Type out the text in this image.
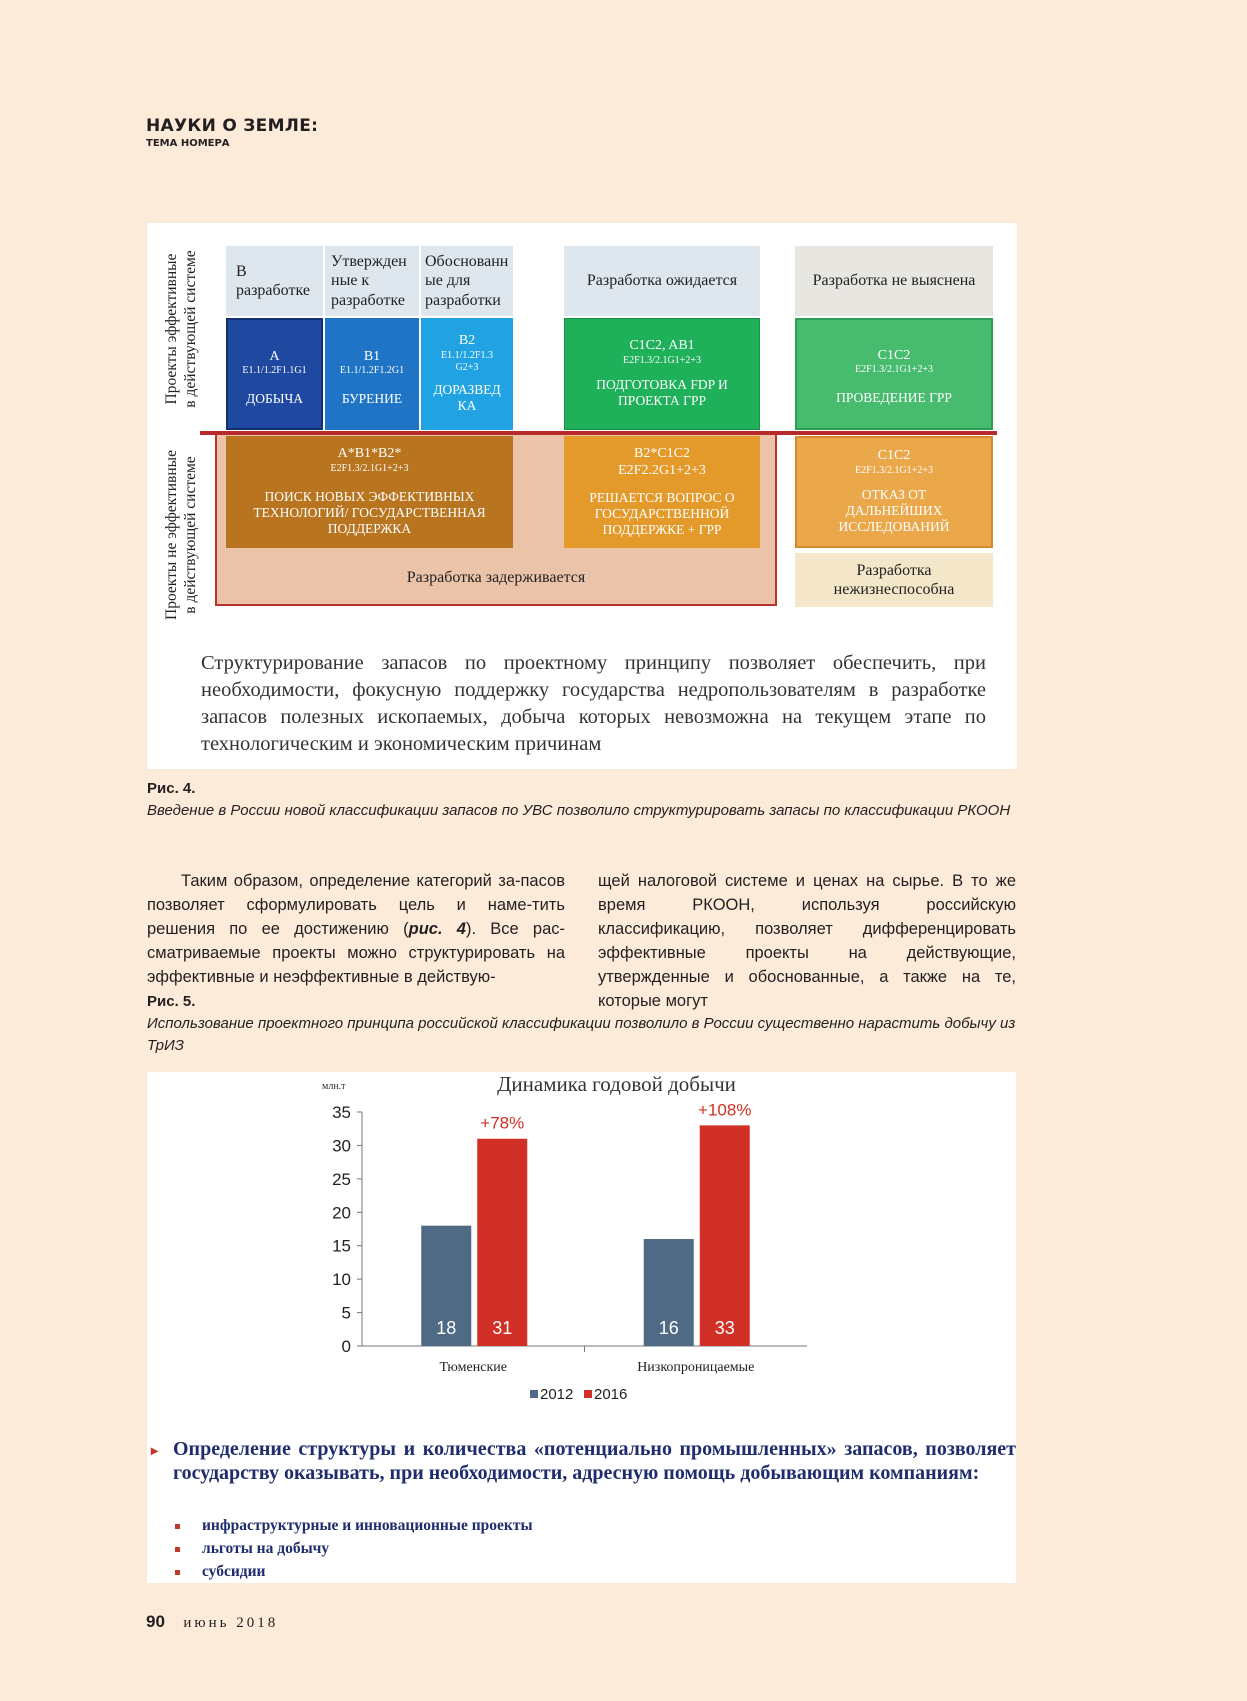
НАУКИ О ЗЕМЛЕ:
ТЕМА НОМЕРА
Проекты эффективные в действующей системе
Проекты не эффективные в действующей системе
В
разработке
Утвержден
ные к
разработке
Обоснованн
ые для
разработки
Разработка ожидается	Разработка не выяснена
А
E1.1/1.2F1.1G1
ДОБЫЧА
B1
E1.1/1.2F1.2G1
БУРЕНИЕ
B2
E1.1/1.2F1.3
G2+3
ДОРАЗВЕД
КА
C1C2, AB1
E2F1.3/2.1G1+2+3
ПОДГОТОВКА FDP И
ПРОЕКТА ГРР
C1C2
E2F1.3/2.1G1+2+3
ПРОВЕДЕНИЕ ГРР
Разработка задерживается
A*B1*B2*
E2F1.3/2.1G1+2+3
ПОИСК НОВЫХ ЭФФЕКТИВНЫХ
ТЕХНОЛОГИЙ/ ГОСУДАРСТВЕННАЯ
ПОДДЕРЖКА
B2*C1C2
E2F2.2G1+2+3
РЕШАЕТСЯ ВОПРОС О
ГОСУДАРСТВЕННОЙ
ПОДДЕРЖКЕ + ГРР
C1C2
E2F1.3/2.1G1+2+3
ОТКАЗ ОТ
ДАЛЬНЕЙШИХ
ИССЛЕДОВАНИЙ
Разработка
нежизнеспособна
Структурирование запасов по проектному принципу позволяет обеспечить, при необходимости, фокусную поддержку государства недропользователям в разработке запасов полезных ископаемых, добыча которых невозможна на текущем этапе по технологическим и экономическим причинам
Рис. 4.
Введение в России новой классификации запасов по УВС позволило структурировать запасы по классификации РКООН
Таким образом, определение категорий за-пасов позволяет сформулировать цель и наме-тить решения по ее достижению (рис. 4). Все рас-сматриваемые проекты можно структурировать на эффективные и неэффективные в действую-
щей налоговой системе и ценах на сырье. В то же время РКООН, используя российскую классификацию, позволяет дифференцировать эффективные проекты на действующие, утвержденные и обоснованные, а также на те, которые могут
Рис. 5.
Использование проектного принципа российской классификации позволило в России существенно нарастить добычу из ТрИЗ
Динамика годовой добычи
млн.т
0
5
10
15
20
25
30
35
18 31
+78%
Тюменские
16 33
+108%
Низкопроницаемые
2012 2016
▸ Определение структуры и количества «потенциально промышленных» запасов, позволяет государству оказывать, при необходимости, адресную помощь добывающим компаниям:
инфраструктурные и инновационные проекты
льготы на добычу
субсидии
90 июнь 2018
